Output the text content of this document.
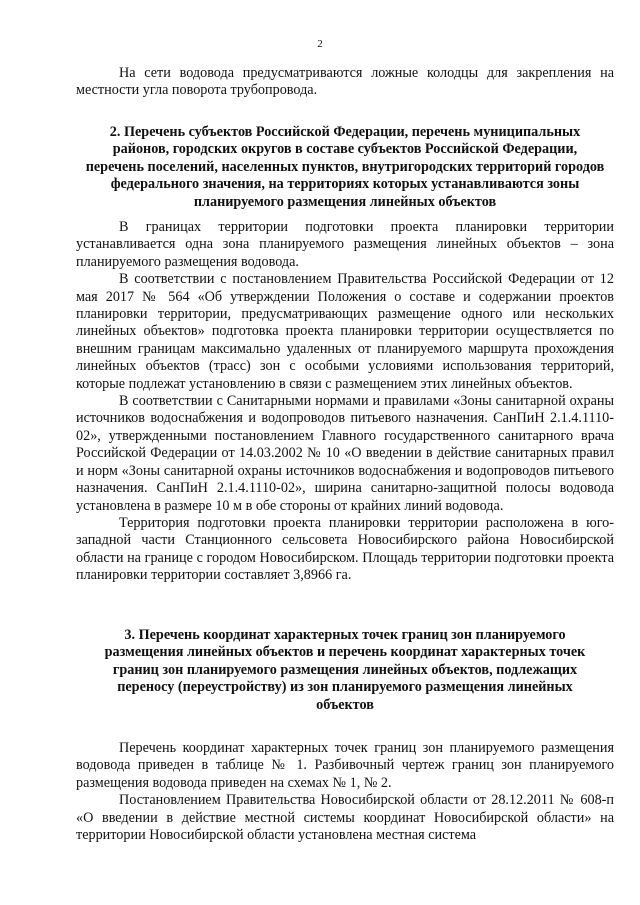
2

На сети водовода предусматриваются ложные колодцы для закрепления на местности угла поворота трубопровода.

2. Перечень субъектов Российской Федерации, перечень муниципальных районов, городских округов в составе субъектов Российской Федерации, перечень поселений, населенных пунктов, внутригородских территорий городов федерального значения, на территориях которых устанавливаются зоны планируемого размещения линейных объектов

В границах территории подготовки проекта планировки территории устанавливается одна зона планируемого размещения линейных объектов – зона планируемого размещения водовода.

В соответствии с постановлением Правительства Российской Федерации от 12 мая 2017 № 564 «Об утверждении Положения о составе и содержании проектов планировки территории, предусматривающих размещение одного или нескольких линейных объектов» подготовка проекта планировки территории осуществляется по внешним границам максимально удаленных от планируемого маршрута прохождения линейных объектов (трасс) зон с особыми условиями использования территорий, которые подлежат установлению в связи с размещением этих линейных объектов.

В соответствии с Санитарными нормами и правилами «Зоны санитарной охраны источников водоснабжения и водопроводов питьевого назначения. СанПиН 2.1.4.1110-02», утвержденными постановлением Главного государственного санитарного врача Российской Федерации от 14.03.2002 № 10 «О введении в действие санитарных правил и норм «Зоны санитарной охраны источников водоснабжения и водопроводов питьевого назначения. СанПиН 2.1.4.1110-02», ширина санитарно-защитной полосы водовода установлена в размере 10 м в обе стороны от крайних линий водовода.

Территория подготовки проекта планировки территории расположена в юго-западной части Станционного сельсовета Новосибирского района Новосибирской области на границе с городом Новосибирском. Площадь территории подготовки проекта планировки территории составляет 3,8966 га.

3. Перечень координат характерных точек границ зон планируемого размещения линейных объектов и перечень координат характерных точек границ зон планируемого размещения линейных объектов, подлежащих переносу (переустройству) из зон планируемого размещения линейных объектов

Перечень координат характерных точек границ зон планируемого размещения водовода приведен в таблице № 1. Разбивочный чертеж границ зон планируемого размещения водовода приведен на схемах № 1, № 2.

Постановлением Правительства Новосибирской области от 28.12.2011 № 608-п «О введении в действие местной системы координат Новосибирской области» на территории Новосибирской области установлена местная система
